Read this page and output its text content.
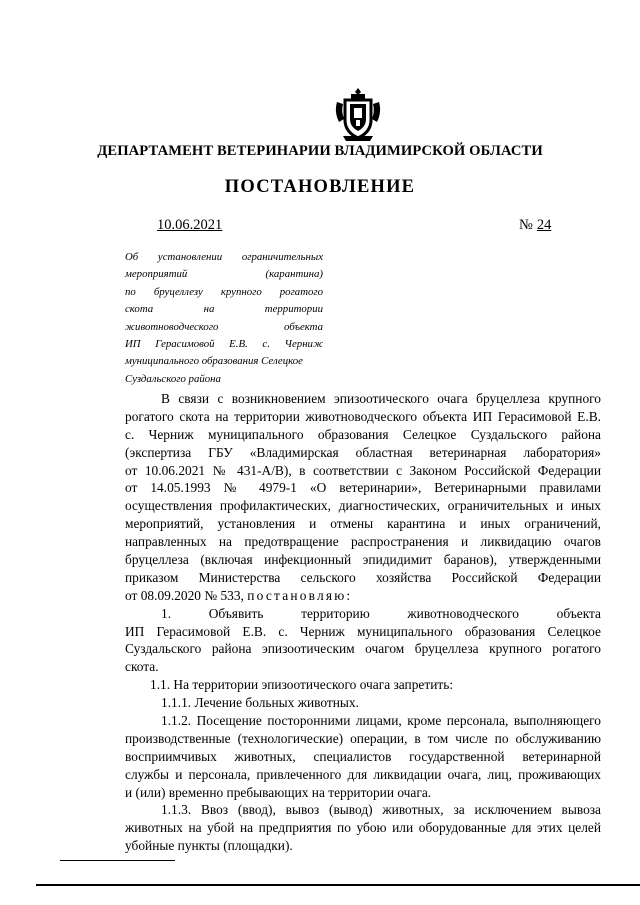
ДЕПАРТАМЕНТ ВЕТЕРИНАРИИ ВЛАДИМИРСКОЙ ОБЛАСТИ
ПОСТАНОВЛЕНИЕ
10.06.2021	№ 24
Об установлении ограничительных
мероприятий (карантина)
по бруцеллезу крупного рогатого
скота на территории
животноводческого объекта
ИП Герасимовой Е.В. с. Черниж
муниципального образования Селецкое
Суздальского района
В связи с возникновением эпизоотического очага бруцеллеза крупного
рогатого скота на территории животноводческого объекта ИП Герасимовой Е.В.
с. Черниж муниципального образования Селецкое Суздальского района
(экспертиза ГБУ «Владимирская областная ветеринарная лаборатория»
от 10.06.2021 № 431-А/В), в соответствии с Законом Российской Федерации
от 14.05.1993 № 4979-1 «О ветеринарии», Ветеринарными правилами
осуществления профилактических, диагностических, ограничительных и иных
мероприятий, установления и отмены карантина и иных ограничений,
направленных на предотвращение распространения и ликвидацию очагов
бруцеллеза (включая инфекционный эпидидимит баранов), утвержденными
приказом Министерства сельского хозяйства Российской Федерации
от 08.09.2020 № 533, постановляю:
1. Объявить территорию животноводческого объекта
ИП Герасимовой Е.В. с. Черниж муниципального образования Селецкое
Суздальского района эпизоотическим очагом бруцеллеза крупного рогатого
скота.
1.1. На территории эпизоотического очага запретить:
1.1.1. Лечение больных животных.
1.1.2. Посещение посторонними лицами, кроме персонала, выполняющего
производственные (технологические) операции, в том числе по обслуживанию
восприимчивых животных, специалистов государственной ветеринарной
службы и персонала, привлеченного для ликвидации очага, лиц, проживающих
и (или) временно пребывающих на территории очага.
1.1.3. Ввоз (ввод), вывоз (вывод) животных, за исключением вывоза
животных на убой на предприятия по убою или оборудованные для этих целей
убойные пункты (площадки).
